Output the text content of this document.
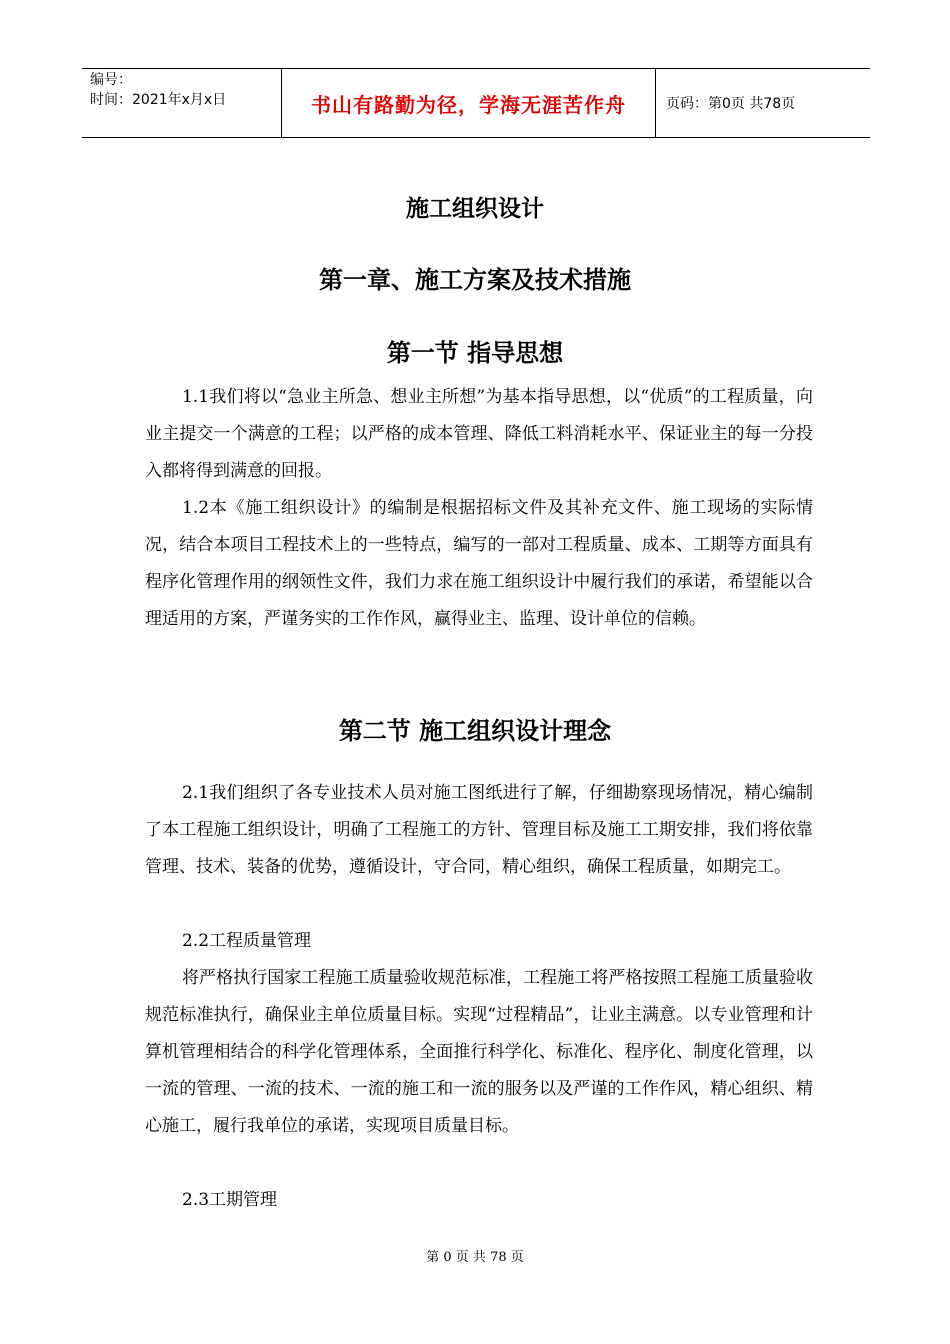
编号：
时间：2021年x月x日	书山有路勤为径，学海无涯苦作舟	页码：第0页 共78页
施工组织设计
第一章、施工方案及技术措施
第一节 指导思想
1.1我们将以“急业主所急、想业主所想”为基本指导思想，以“优质”的工程质量，向业主提交一个满意的工程；以严格的成本管理、降低工料消耗水平、保证业主的每一分投入都将得到满意的回报。
1.2本《施工组织设计》的编制是根据招标文件及其补充文件、施工现场的实际情况，结合本项目工程技术上的一些特点，编写的一部对工程质量、成本、工期等方面具有程序化管理作用的纲领性文件，我们力求在施工组织设计中履行我们的承诺，希望能以合理适用的方案，严谨务实的工作作风，赢得业主、监理、设计单位的信赖。
第二节 施工组织设计理念
2.1我们组织了各专业技术人员对施工图纸进行了解，仔细勘察现场情况，精心编制了本工程施工组织设计，明确了工程施工的方针、管理目标及施工工期安排，我们将依靠管理、技术、装备的优势，遵循设计，守合同，精心组织，确保工程质量，如期完工。
2.2工程质量管理
将严格执行国家工程施工质量验收规范标准，工程施工将严格按照工程施工质量验收规范标准执行，确保业主单位质量目标。实现“过程精品”，让业主满意。以专业管理和计算机管理相结合的科学化管理体系，全面推行科学化、标准化、程序化、制度化管理，以一流的管理、一流的技术、一流的施工和一流的服务以及严谨的工作作风，精心组织、精心施工，履行我单位的承诺，实现项目质量目标。
2.3工期管理
第 0 页 共 78 页
